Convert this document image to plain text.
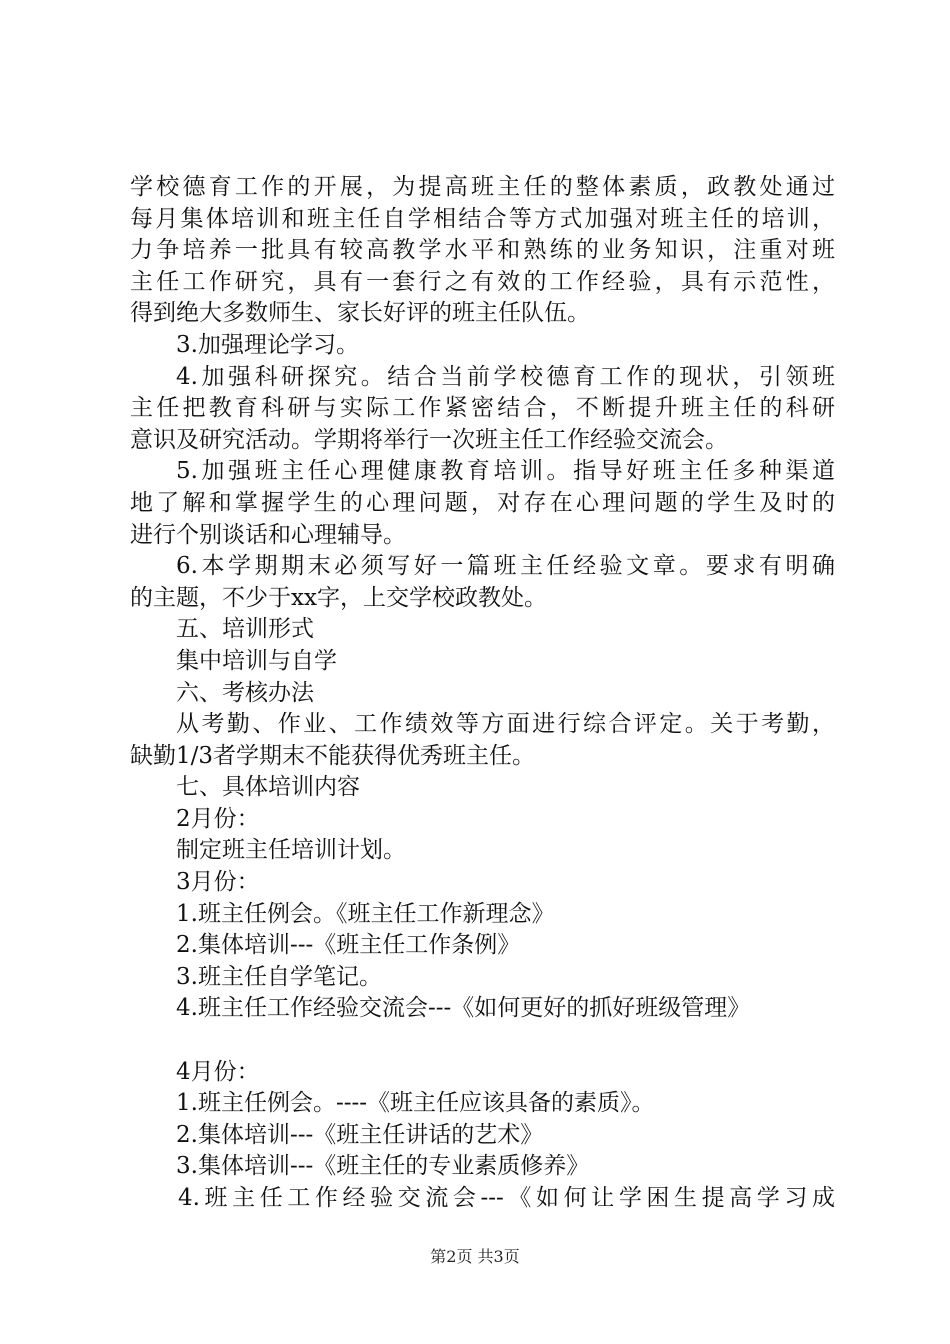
学校德育工作的开展，为提高班主任的整体素质，政教处通过
每月集体培训和班主任自学相结合等方式加强对班主任的培训，
力争培养一批具有较高教学水平和熟练的业务知识，注重对班
主任工作研究，具有一套行之有效的工作经验，具有示范性，
得到绝大多数师生、家长好评的班主任队伍。
3.加强理论学习。
4.加强科研探究。结合当前学校德育工作的现状，引领班
主任把教育科研与实际工作紧密结合，不断提升班主任的科研
意识及研究活动。学期将举行一次班主任工作经验交流会。
5.加强班主任心理健康教育培训。指导好班主任多种渠道
地了解和掌握学生的心理问题，对存在心理问题的学生及时的
进行个别谈话和心理辅导。
6.本学期期末必须写好一篇班主任经验文章。要求有明确
的主题，不少于xx字，上交学校政教处。
五、培训形式
集中培训与自学
六、考核办法
从考勤、作业、工作绩效等方面进行综合评定。关于考勤，
缺勤1/3者学期末不能获得优秀班主任。
七、具体培训内容
2月份：
制定班主任培训计划。
3月份：
1.班主任例会。《班主任工作新理念》
2.集体培训---《班主任工作条例》
3.班主任自学笔记。
4.班主任工作经验交流会---《如何更好的抓好班级管理》
4月份：
1.班主任例会。----《班主任应该具备的素质》。
2.集体培训---《班主任讲话的艺术》
3.集体培训---《班主任的专业素质修养》
4.班主任工作经验交流会---《如何让学困生提高学习成
第2页 共3页
